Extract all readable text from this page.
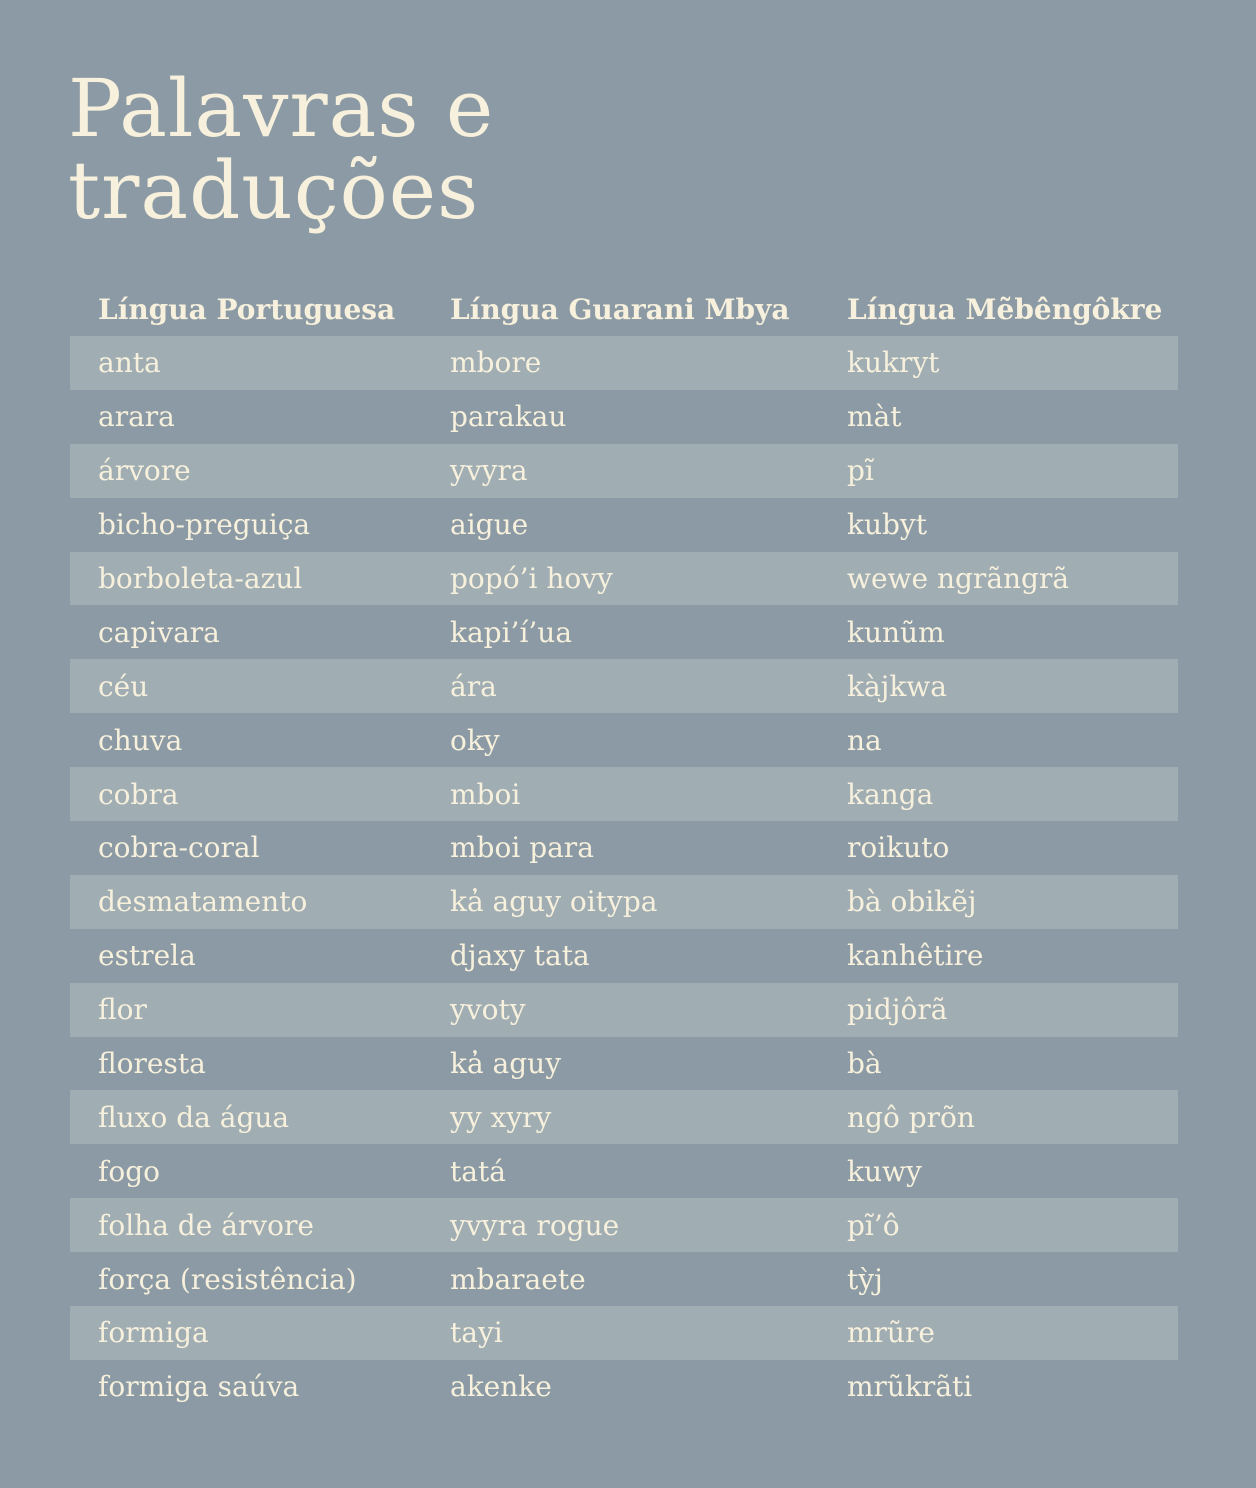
Palavras e
traduções
Língua Portuguesa	Língua Guarani Mbya	Língua Mẽbêngôkre
anta	mbore	kukryt
arara	parakau	màt
árvore	yvyra	pĩ
bicho-preguiça	aigue	kubyt
borboleta-azul	popó’i hovy	wewe ngrãngrã
capivara	kapi’í’ua	kunũm
céu	ára	kàjkwa
chuva	oky	na
cobra	mboi	kanga
cobra-coral	mboi para	roikuto
desmatamento	ka̓ aguy oitypa	bà obikẽj
estrela	djaxy tata	kanhêtire
flor	yvoty	pidjôrã
floresta	ka̓ aguy	bà
fluxo da água	yy xyry	ngô prõn
fogo	tatá	kuwy
folha de árvore	yvyra rogue	pĩ’ô
força (resistência)	mbaraete	tỳj
formiga	tayi	mrũre
formiga saúva	akenke	mrũkrãti
